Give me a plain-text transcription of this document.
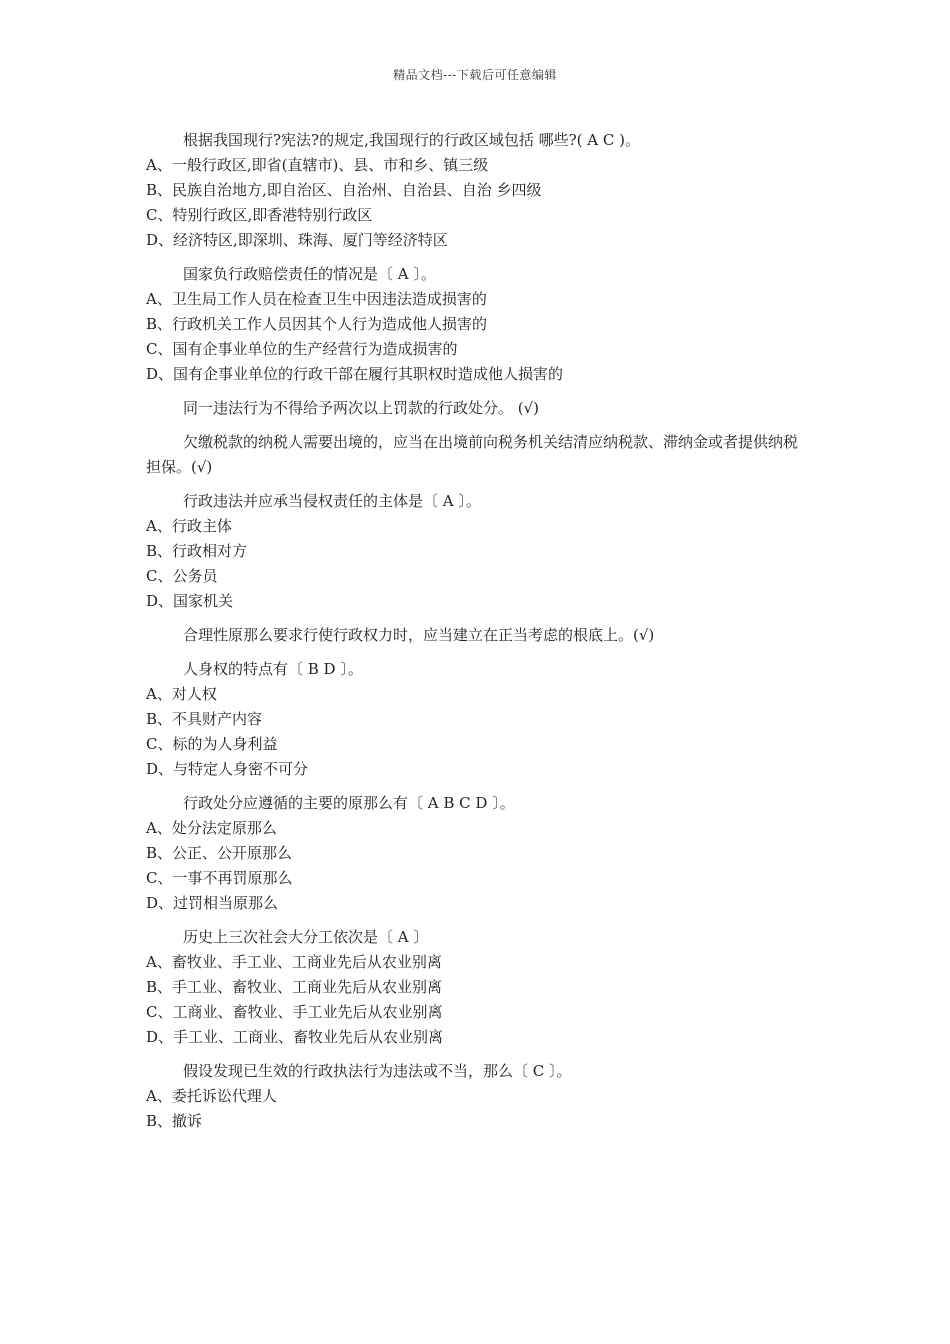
精品文档---下载后可任意编辑

根据我国现行?宪法?的规定,我国现行的行政区域包括 哪些?( A C )。

A、一般行政区,即省(直辖市)、县、市和乡、镇三级

B、民族自治地方,即自治区、自治州、自治县、自治 乡四级

C、特别行政区,即香港特别行政区

D、经济特区,即深圳、珠海、厦门等经济特区

国家负行政赔偿责任的情况是〔 A 〕。

A、卫生局工作人员在检查卫生中因违法造成损害的

B、行政机关工作人员因其个人行为造成他人损害的

C、国有企事业单位的生产经营行为造成损害的

D、国有企事业单位的行政干部在履行其职权时造成他人损害的

同一违法行为不得给予两次以上罚款的行政处分。 (√)

欠缴税款的纳税人需要出境的，应当在出境前向税务机关结清应纳税款、滞纳金或者提供纳税担保。(√)

行政违法并应承当侵权责任的主体是〔 A 〕。

A、行政主体

B、行政相对方

C、公务员

D、国家机关

合理性原那么要求行使行政权力时，应当建立在正当考虑的根底上。(√)

人身权的特点有〔 B D 〕。

A、对人权

B、不具财产内容

C、标的为人身利益

D、与特定人身密不可分

行政处分应遵循的主要的原那么有〔 A B C D 〕。

A、处分法定原那么

B、公正、公开原那么

C、一事不再罚原那么

D、过罚相当原那么

历史上三次社会大分工依次是〔 A 〕

A、畜牧业、手工业、工商业先后从农业别离

B、手工业、畜牧业、工商业先后从农业别离

C、工商业、畜牧业、手工业先后从农业别离

D、手工业、工商业、畜牧业先后从农业别离

假设发现已生效的行政执法行为违法或不当，那么〔 C 〕。

A、委托诉讼代理人

B、撤诉
